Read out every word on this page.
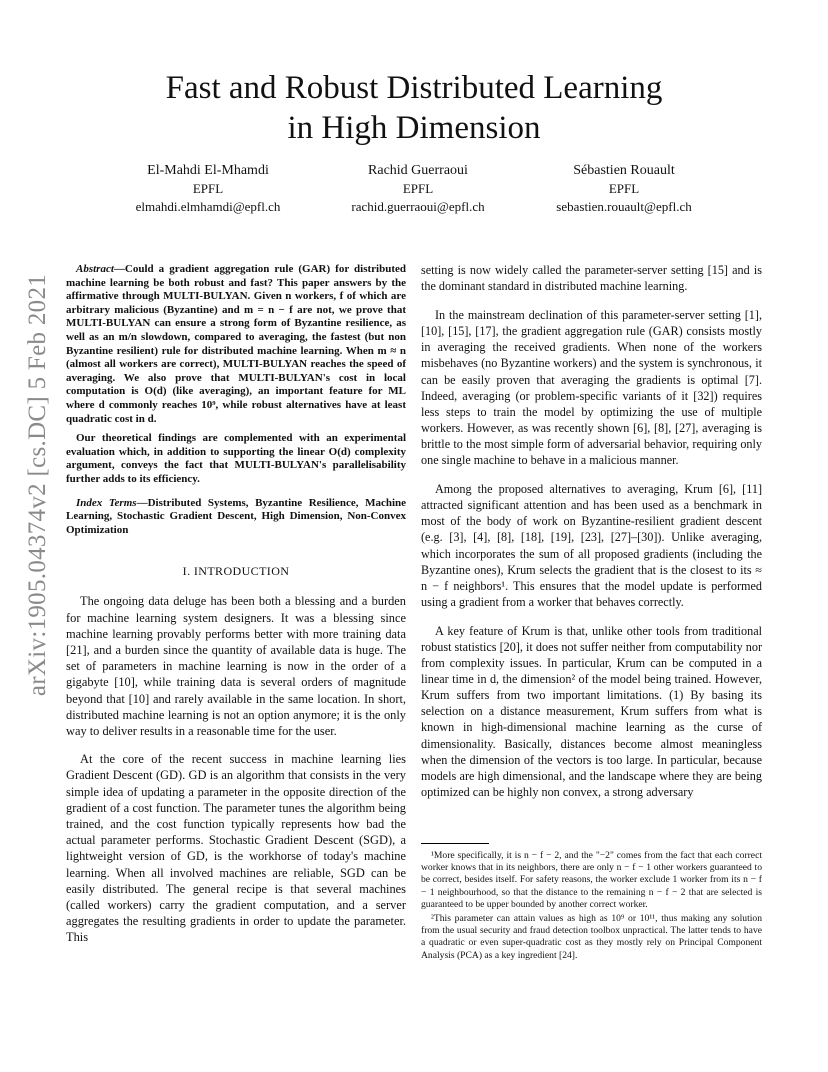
arXiv:1905.04374v2 [cs.DC] 5 Feb 2021
Fast and Robust Distributed Learning
in High Dimension
El-Mahdi El-Mhamdi
EPFL
elmahdi.elmhamdi@epfl.ch
Rachid Guerraoui
EPFL
rachid.guerraoui@epfl.ch
Sébastien Rouault
EPFL
sebastien.rouault@epfl.ch

Abstract—Could a gradient aggregation rule (GAR) for distributed machine learning be both robust and fast? This paper answers by the affirmative through MULTI-BULYAN. Given n workers, f of which are arbitrary malicious (Byzantine) and m = n − f are not, we prove that MULTI-BULYAN can ensure a strong form of Byzantine resilience, as well as an m/n slowdown, compared to averaging, the fastest (but non Byzantine resilient) rule for distributed machine learning. When m ≈ n (almost all workers are correct), MULTI-BULYAN reaches the speed of averaging. We also prove that MULTI-BULYAN's cost in local computation is O(d) (like averaging), an important feature for ML where d commonly reaches 10⁹, while robust alternatives have at least quadratic cost in d.

Our theoretical findings are complemented with an experimental evaluation which, in addition to supporting the linear O(d) complexity argument, conveys the fact that MULTI-BULYAN's parallelisability further adds to its efficiency.

Index Terms—Distributed Systems, Byzantine Resilience, Machine Learning, Stochastic Gradient Descent, High Dimension, Non-Convex Optimization

I. INTRODUCTION

The ongoing data deluge has been both a blessing and a burden for machine learning system designers. It was a blessing since machine learning provably performs better with more training data [21], and a burden since the quantity of available data is huge. The set of parameters in machine learning is now in the order of a gigabyte [10], while training data is several orders of magnitude beyond that [10] and rarely available in the same location. In short, distributed machine learning is not an option anymore; it is the only way to deliver results in a reasonable time for the user.

At the core of the recent success in machine learning lies Gradient Descent (GD). GD is an algorithm that consists in the very simple idea of updating a parameter in the opposite direction of the gradient of a cost function. The parameter tunes the algorithm being trained, and the cost function typically represents how bad the actual parameter performs. Stochastic Gradient Descent (SGD), a lightweight version of GD, is the workhorse of today's machine learning. When all involved machines are reliable, SGD can be easily distributed. The general recipe is that several machines (called workers) carry the gradient computation, and a server aggregates the resulting gradients in order to update the parameter. This

setting is now widely called the parameter-server setting [15] and is the dominant standard in distributed machine learning.

In the mainstream declination of this parameter-server setting [1], [10], [15], [17], the gradient aggregation rule (GAR) consists mostly in averaging the received gradients. When none of the workers misbehaves (no Byzantine workers) and the system is synchronous, it can be easily proven that averaging the gradients is optimal [7]. Indeed, averaging (or problem-specific variants of it [32]) requires less steps to train the model by optimizing the use of multiple workers. However, as was recently shown [6], [8], [27], averaging is brittle to the most simple form of adversarial behavior, requiring only one single machine to behave in a malicious manner.

Among the proposed alternatives to averaging, Krum [6], [11] attracted significant attention and has been used as a benchmark in most of the body of work on Byzantine-resilient gradient descent (e.g. [3], [4], [8], [18], [19], [23], [27]–[30]). Unlike averaging, which incorporates the sum of all proposed gradients (including the Byzantine ones), Krum selects the gradient that is the closest to its ≈ n − f neighbors¹. This ensures that the model update is performed using a gradient from a worker that behaves correctly.

A key feature of Krum is that, unlike other tools from traditional robust statistics [20], it does not suffer neither from computability nor from complexity issues. In particular, Krum can be computed in a linear time in d, the dimension² of the model being trained. However, Krum suffers from two important limitations. (1) By basing its selection on a distance measurement, Krum suffers from what is known in high-dimensional machine learning as the curse of dimensionality. Basically, distances become almost meaningless when the dimension of the vectors is too large. In particular, because models are high dimensional, and the landscape where they are being optimized can be highly non convex, a strong adversary

¹More specifically, it is n − f − 2, and the "−2" comes from the fact that each correct worker knows that in its neighbors, there are only n − f − 1 other workers guaranteed to be correct, besides itself. For safety reasons, the worker exclude 1 worker from its n − f − 1 neighbourhood, so that the distance to the remaining n − f − 2 that are selected is guaranteed to be upper bounded by another correct worker.

²This parameter can attain values as high as 10⁹ or 10¹¹, thus making any solution from the usual security and fraud detection toolbox unpractical. The latter tends to have a quadratic or even super-quadratic cost as they mostly rely on Principal Component Analysis (PCA) as a key ingredient [24].
